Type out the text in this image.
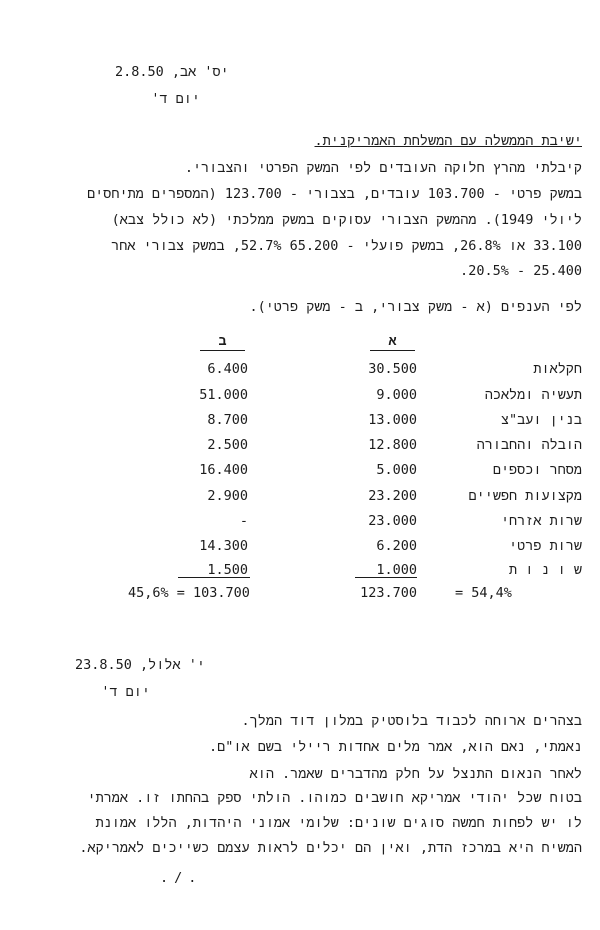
2.8.50 יס' אב,
יום ד'
ישיבת הממשלה עם המשלחת האמריקנית.
קיבלתי מהרץ חלוקה העובדים לפי המשק הפרטי והצבורי.
במשק פרטי - 103.700 עובדים, בצבורי - 123.700 (המספרים מתיחסים
ליולי 1949). מהמשק הצבורי עסוקים במשק ממלכתי (לא כולל צבא)
33.100 או 26.8%, במשק פועלי - 65.200 52.7%, במשק צבורי אחר
25.400 - 20.5%.
לפי הענפים (א - משק צבורי, ב - משק פרטי).
א
ב
חקלאות
30.500
6.400
תעשיה ומלאכה
9.000
51.000
בנין ועב"צ
13.000
8.700
הובלה והחבורה
12.800
2.500
מסחר וכספים
5.000
16.400
מקצועות חפשיים
23.200
2.900
שרות אזרחי
23.000
-
שרות פרטי
6.200
14.300
ש ו נ ו ת
1.000
1.500
123.700	= 54,4%
45,6% = 103.700
23.8.50 י' אלול,
יום ד'
בצהרים ארוחה לכבוד בלוסטיק במלון דוד המלך.
נאמתי, נאם הוא, אמר מלים אחדות ריילי בשם או"ם.
לאחר הנאום התנצל על חלק מהדברים שאמר. הוא
בטוח שכל יהודי אמריקא חושבים כמוהו. הולתי ספק בהחתו זו. אמרתי
לו יש לפחות חמשה סוגים שונים: שלומי אמוני היהדות, הללו אמונת
המשיח היא במרכז הדת, ואין הם יכלים לראות עצמם כשייכים לאמריקא.
./.
